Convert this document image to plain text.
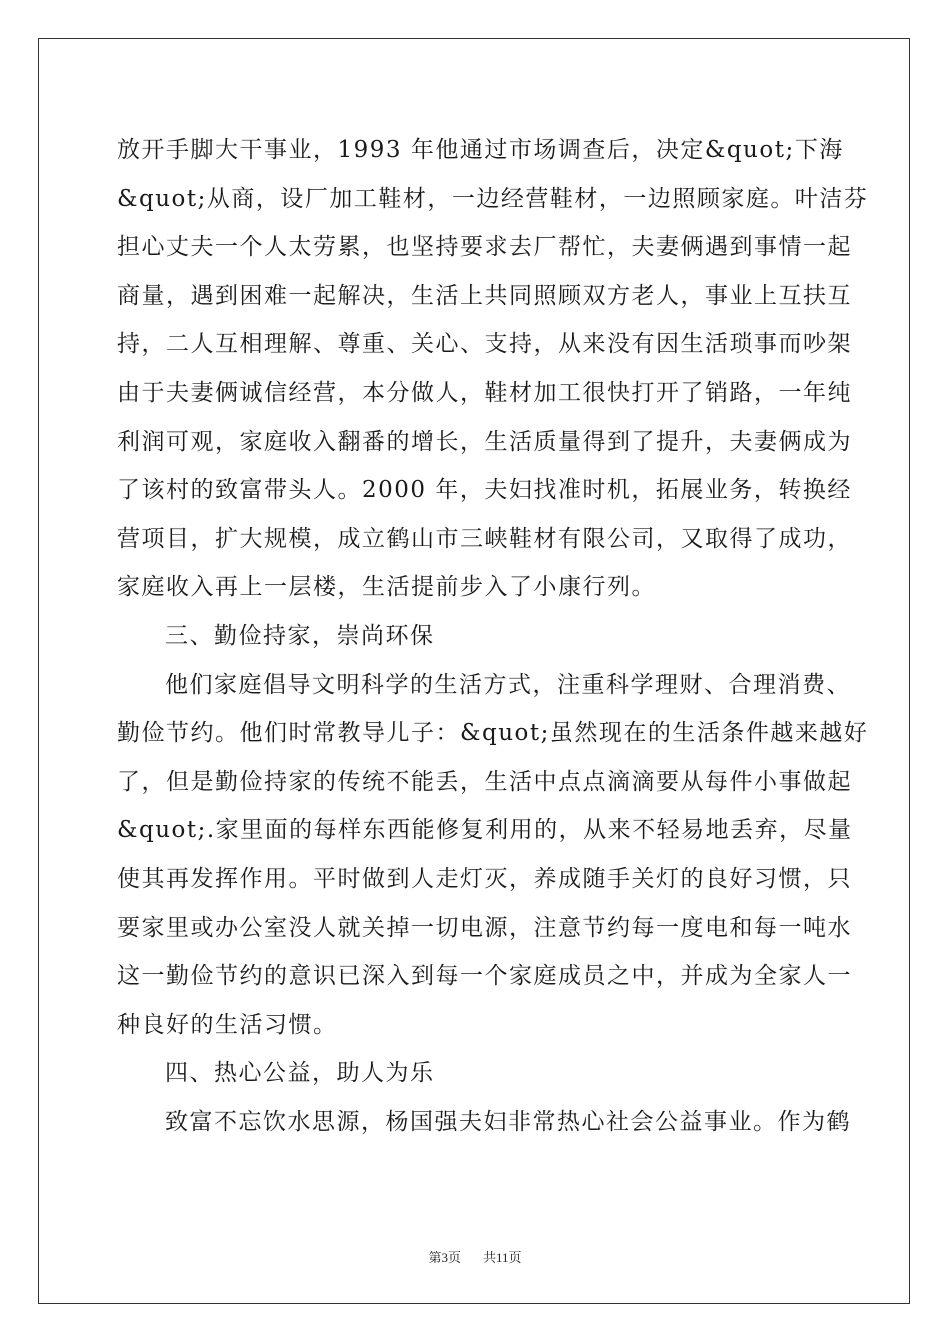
放开手脚大干事业，1993 年他通过市场调查后，决定&quot;下海
&quot;从商，设厂加工鞋材，一边经营鞋材，一边照顾家庭。叶洁芬
担心丈夫一个人太劳累，也坚持要求去厂帮忙，夫妻俩遇到事情一起
商量，遇到困难一起解决，生活上共同照顾双方老人，事业上互扶互
持，二人互相理解、尊重、关心、支持，从来没有因生活琐事而吵架
由于夫妻俩诚信经营，本分做人，鞋材加工很快打开了销路，一年纯
利润可观，家庭收入翻番的增长，生活质量得到了提升，夫妻俩成为
了该村的致富带头人。2000 年，夫妇找准时机，拓展业务，转换经
营项目，扩大规模，成立鹤山市三峡鞋材有限公司，又取得了成功，
家庭收入再上一层楼，生活提前步入了小康行列。
三、勤俭持家，崇尚环保
他们家庭倡导文明科学的生活方式，注重科学理财、合理消费、
勤俭节约。他们时常教导儿子：&quot;虽然现在的生活条件越来越好
了，但是勤俭持家的传统不能丢，生活中点点滴滴要从每件小事做起
&quot;.家里面的每样东西能修复利用的，从来不轻易地丢弃，尽量
使其再发挥作用。平时做到人走灯灭，养成随手关灯的良好习惯，只
要家里或办公室没人就关掉一切电源，注意节约每一度电和每一吨水
这一勤俭节约的意识已深入到每一个家庭成员之中，并成为全家人一
种良好的生活习惯。
四、热心公益，助人为乐
致富不忘饮水思源，杨国强夫妇非常热心社会公益事业。作为鹤
第3页 共11页
